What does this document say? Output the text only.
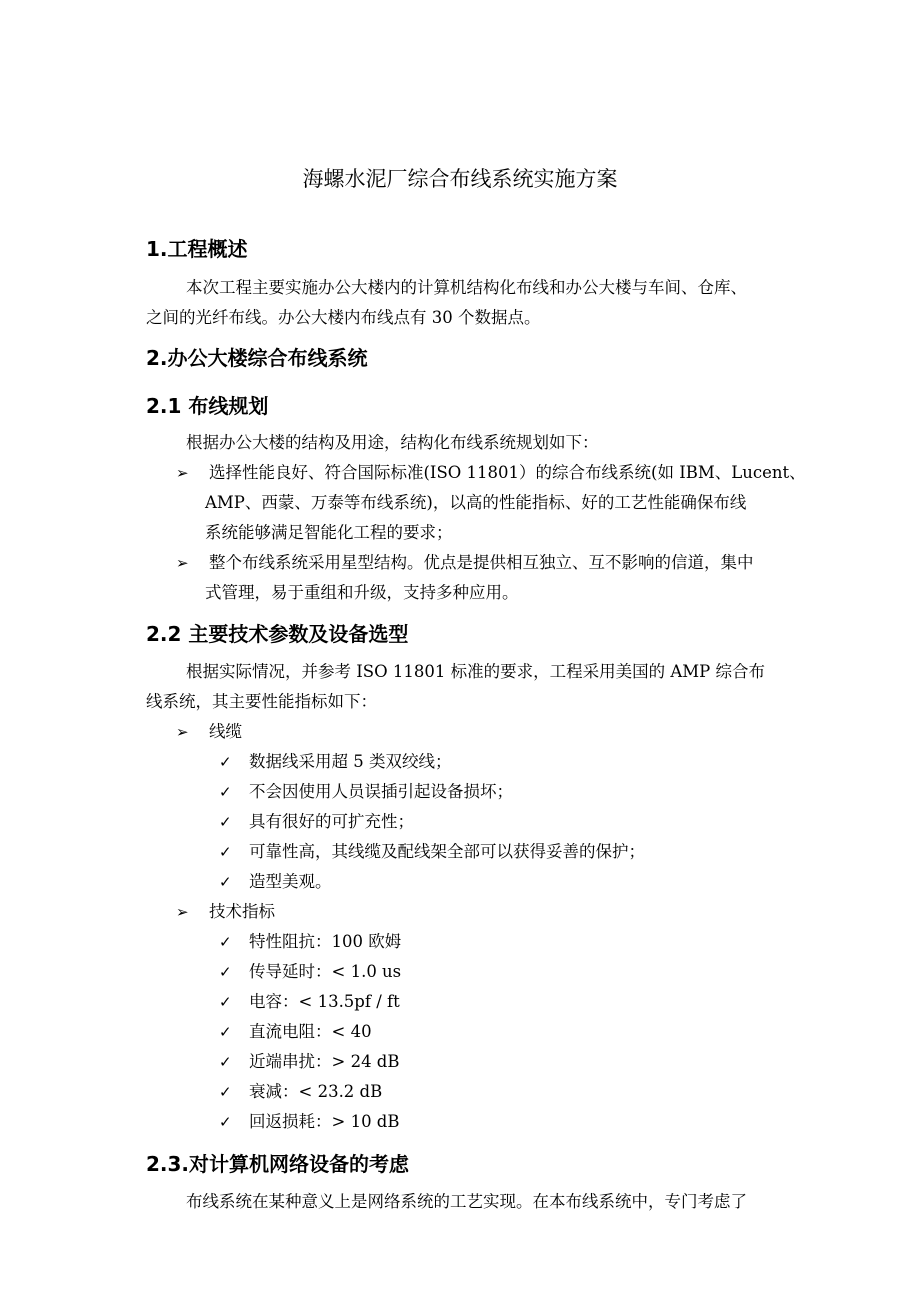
海螺水泥厂综合布线系统实施方案
1.工程概述
本次工程主要实施办公大楼内的计算机结构化布线和办公大楼与车间、仓库、
之间的光纤布线。办公大楼内布线点有 30 个数据点。
2.办公大楼综合布线系统
2.1 布线规划
根据办公大楼的结构及用途，结构化布线系统规划如下：
➢ 选择性能良好、符合国际标准(ISO 11801）的综合布线系统(如 IBM、Lucent、
AMP、西蒙、万泰等布线系统)，以高的性能指标、好的工艺性能确保布线
系统能够满足智能化工程的要求；
➢ 整个布线系统采用星型结构。优点是提供相互独立、互不影响的信道，集中
式管理，易于重组和升级，支持多种应用。
2.2 主要技术参数及设备选型
根据实际情况，并参考 ISO 11801 标准的要求，工程采用美国的 AMP 综合布
线系统，其主要性能指标如下：
➢ 线缆
✓ 数据线采用超 5 类双绞线；
✓ 不会因使用人员误插引起设备损坏；
✓ 具有很好的可扩充性；
✓ 可靠性高，其线缆及配线架全部可以获得妥善的保护；
✓ 造型美观。
➢ 技术指标
✓ 特性阻抗：100 欧姆
✓ 传导延时：< 1.0 us
✓ 电容：< 13.5pf / ft
✓ 直流电阻：< 40
✓ 近端串扰：> 24 dB
✓ 衰减：< 23.2 dB
✓ 回返损耗：> 10 dB
2.3.对计算机网络设备的考虑
布线系统在某种意义上是网络系统的工艺实现。在本布线系统中，专门考虑了
